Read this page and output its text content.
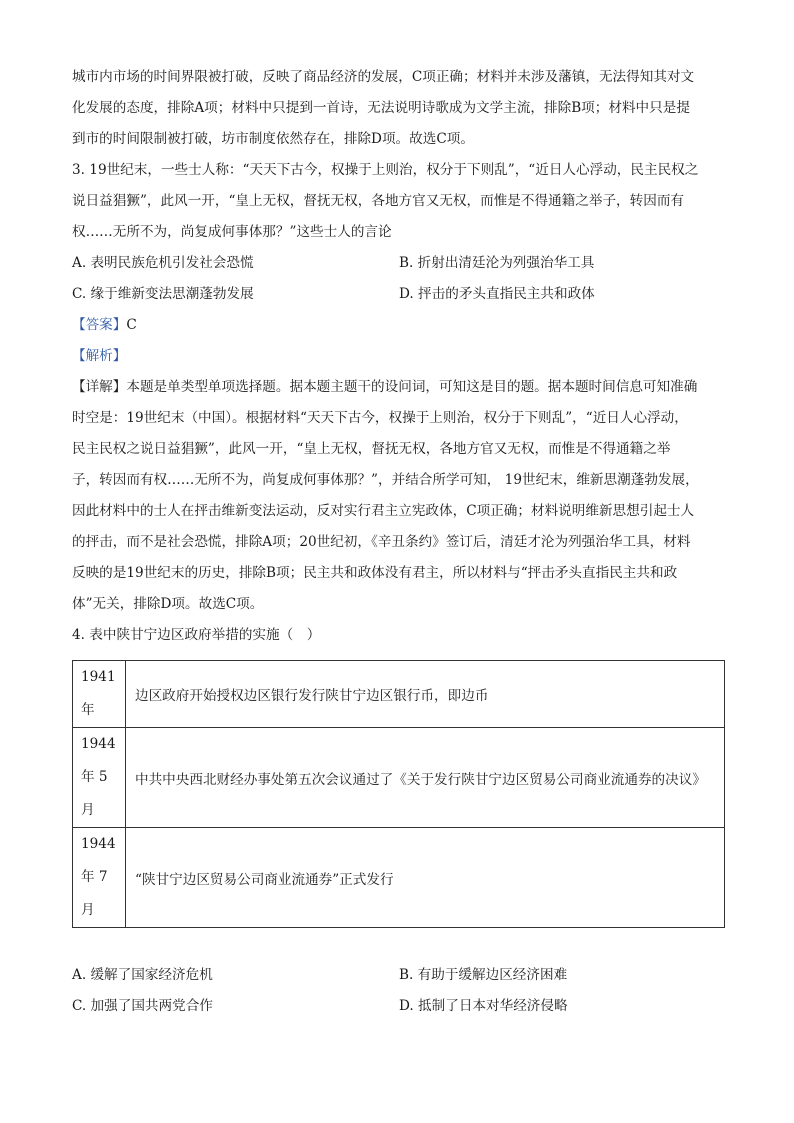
城市内市场的时间界限被打破，反映了商品经济的发展，C项正确；材料并未涉及藩镇，无法得知其对文

化发展的态度，排除A项；材料中只提到一首诗，无法说明诗歌成为文学主流，排除B项；材料中只是提

到市的时间限制被打破，坊市制度依然存在，排除D项。故选C项。

3. 19世纪末，一些士人称：“天天下古今，权操于上则治，权分于下则乱”，“近日人心浮动，民主民权之

说日益猖獗”，此风一开，“皇上无权，督抚无权，各地方官又无权，而惟是不得通籍之举子，转因而有

权……无所不为，尚复成何事体那？”这些士人的言论

A. 表明民族危机引发社会恐慌	B. 折射出清廷沦为列强治华工具
C. 缘于维新变法思潮蓬勃发展	D. 抨击的矛头直指民主共和政体

【答案】C

【解析】

【详解】本题是单类型单项选择题。据本题主题干的设问词，可知这是目的题。据本题时间信息可知准确

时空是：19世纪末（中国）。根据材料“天天下古今，权操于上则治，权分于下则乱”，“近日人心浮动，

民主民权之说日益猖獗”，此风一开，“皇上无权，督抚无权，各地方官又无权，而惟是不得通籍之举

子，转因而有权……无所不为，尚复成何事体那？”，并结合所学可知， 19世纪末，维新思潮蓬勃发展，

因此材料中的士人在抨击维新变法运动，反对实行君主立宪政体，C项正确；材料说明维新思想引起士人

的抨击，而不是社会恐慌，排除A项；20世纪初，《辛丑条约》签订后，清廷才沦为列强治华工具，材料

反映的是19世纪末的历史，排除B项；民主共和政体没有君主，所以材料与“抨击矛头直指民主共和政

体”无关，排除D项。故选C项。

4. 表中陕甘宁边区政府举措的实施（　）

1941
年	边区政府开始授权边区银行发行陕甘宁边区银行币，即边币

1944
年 5
月	中共中央西北财经办事处第五次会议通过了《关于发行陕甘宁边区贸易公司商业流通券的决议》

1944
年 7
月	“陕甘宁边区贸易公司商业流通券”正式发行
A. 缓解了国家经济危机	B. 有助于缓解边区经济困难
C. 加强了国共两党合作	D. 抵制了日本对华经济侵略
